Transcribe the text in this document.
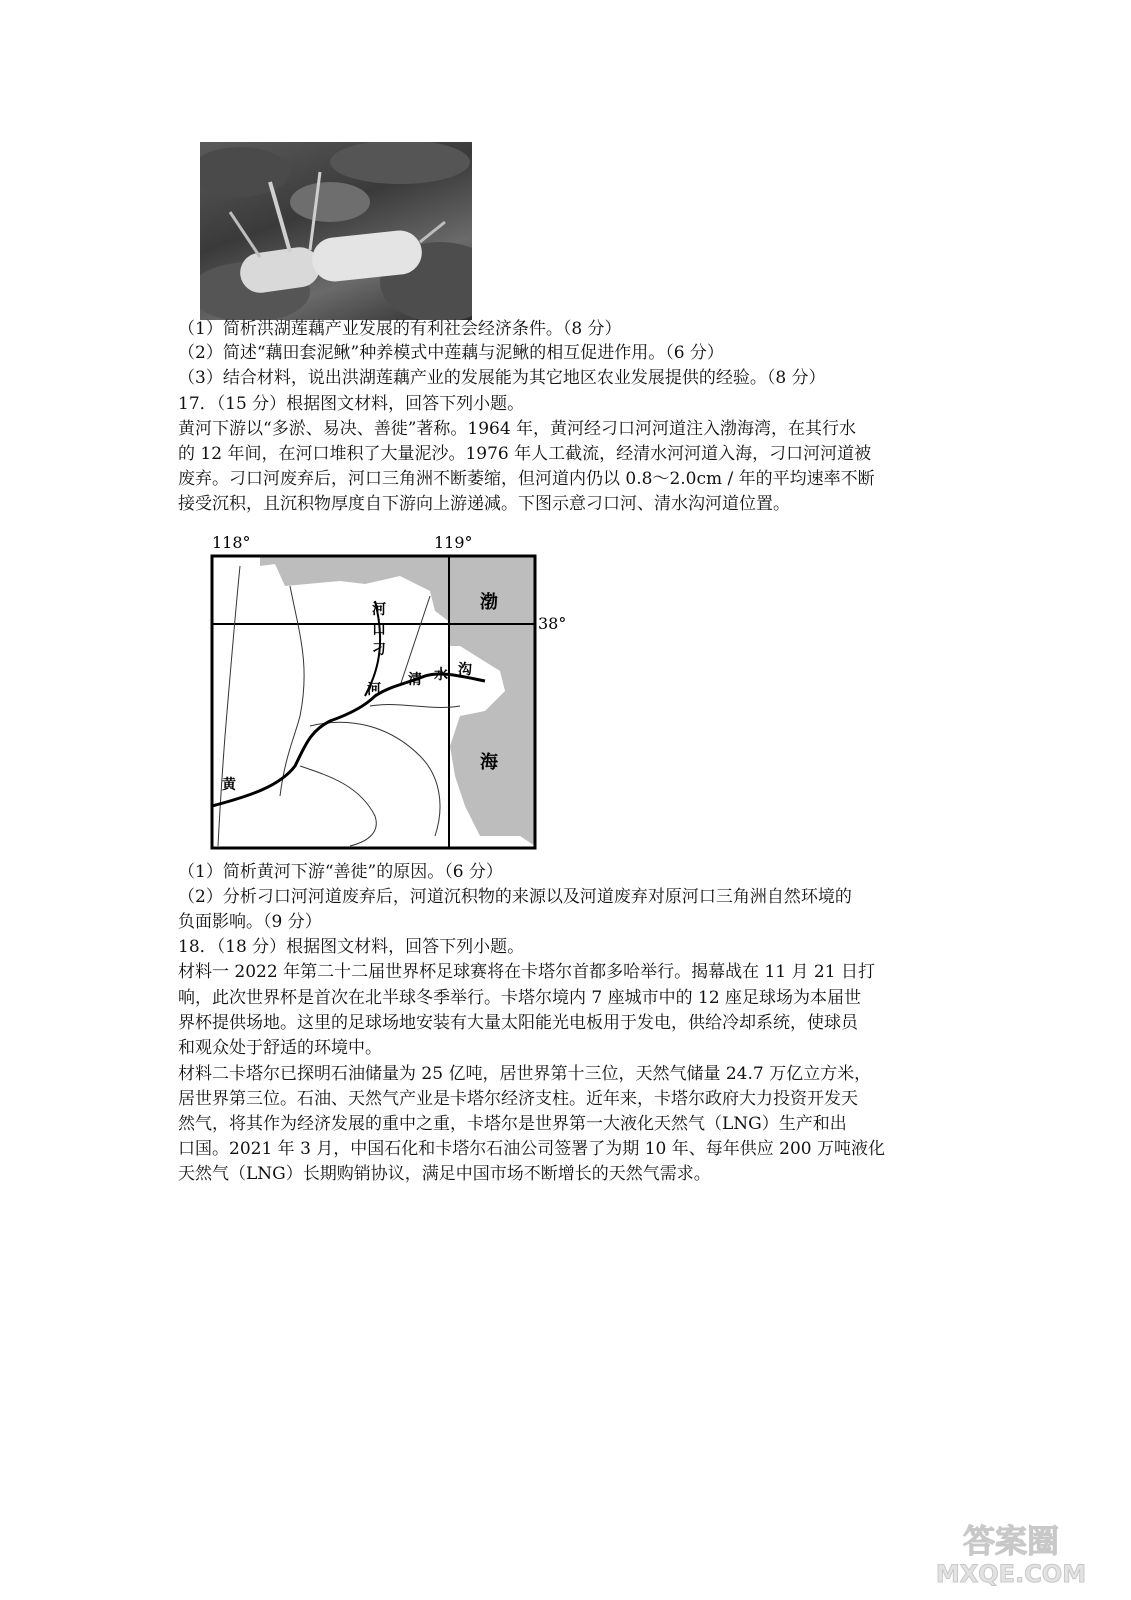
（1）简析洪湖莲藕产业发展的有利社会经济条件。（8 分）
（2）简述“藕田套泥鳅”种养模式中莲藕与泥鳅的相互促进作用。（6 分）
（3）结合材料，说出洪湖莲藕产业的发展能为其它地区农业发展提供的经验。（8 分）
17．（15 分）根据图文材料，回答下列小题。
黄河下游以“多淤、易决、善徙”著称。1964 年，黄河经刁口河河道注入渤海湾，在其行水
的 12 年间，在河口堆积了大量泥沙。1976 年人工截流，经清水河河道入海，刁口河河道被
废弃。刁口河废弃后，河口三角洲不断萎缩，但河道内仍以 0.8～2.0cm / 年的平均速率不断
接受沉积，且沉积物厚度自下游向上游递减。下图示意刁口河、清水沟河道位置。
118°	119°
38°
渤
海
河
口
刁
河
清 水 沟
黄
（1）简析黄河下游“善徙”的原因。（6 分）
（2）分析刁口河河道废弃后，河道沉积物的来源以及河道废弃对原河口三角洲自然环境的
负面影响。（9 分）
18．（18 分）根据图文材料，回答下列小题。
材料一 2022 年第二十二届世界杯足球赛将在卡塔尔首都多哈举行。揭幕战在 11 月 21 日打
响，此次世界杯是首次在北半球冬季举行。卡塔尔境内 7 座城市中的 12 座足球场为本届世
界杯提供场地。这里的足球场地安装有大量太阳能光电板用于发电，供给冷却系统，使球员
和观众处于舒适的环境中。
材料二卡塔尔已探明石油储量为 25 亿吨，居世界第十三位，天然气储量 24.7 万亿立方米，
居世界第三位。石油、天然气产业是卡塔尔经济支柱。近年来，卡塔尔政府大力投资开发天
然气，将其作为经济发展的重中之重，卡塔尔是世界第一大液化天然气（LNG）生产和出
口国。2021 年 3 月，中国石化和卡塔尔石油公司签署了为期 10 年、每年供应 200 万吨液化
天然气（LNG）长期购销协议，满足中国市场不断增长的天然气需求。
答案圈
MXQE.COM
